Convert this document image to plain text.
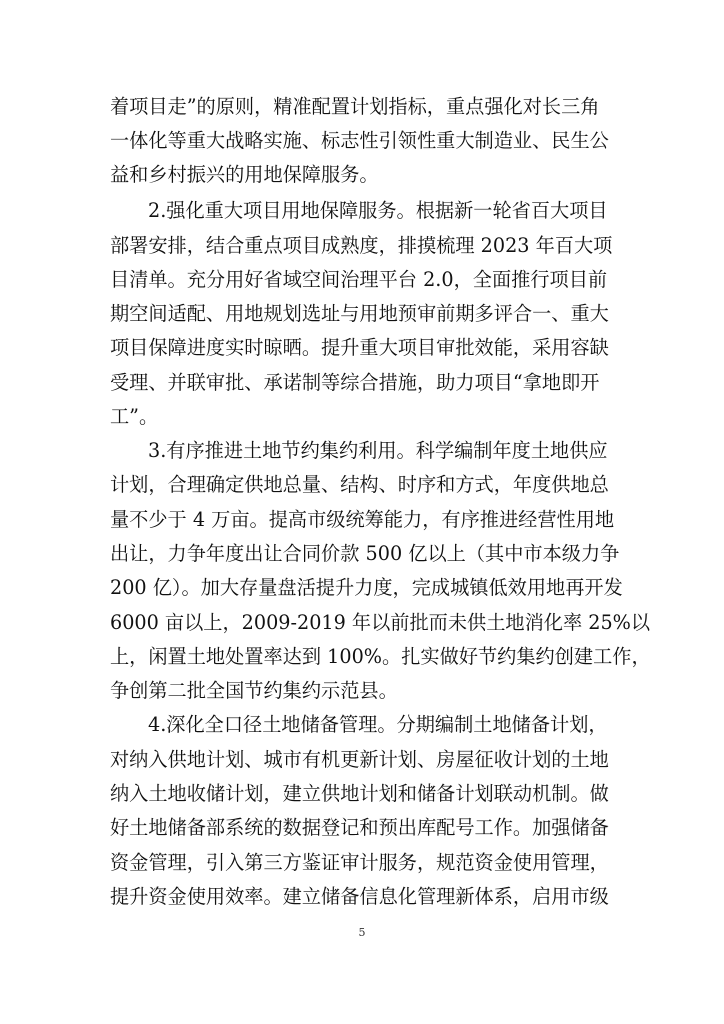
着项目走”的原则，精准配置计划指标，重点强化对长三角
一体化等重大战略实施、标志性引领性重大制造业、民生公
益和乡村振兴的用地保障服务。
2.强化重大项目用地保障服务。根据新一轮省百大项目
部署安排，结合重点项目成熟度，排摸梳理 2023 年百大项
目清单。充分用好省域空间治理平台 2.0，全面推行项目前
期空间适配、用地规划选址与用地预审前期多评合一、重大
项目保障进度实时晾晒。提升重大项目审批效能，采用容缺
受理、并联审批、承诺制等综合措施，助力项目“拿地即开
工”。
3.有序推进土地节约集约利用。科学编制年度土地供应
计划，合理确定供地总量、结构、时序和方式，年度供地总
量不少于 4 万亩。提高市级统筹能力，有序推进经营性用地
出让，力争年度出让合同价款 500 亿以上（其中市本级力争
200 亿）。加大存量盘活提升力度，完成城镇低效用地再开发
6000 亩以上，2009-2019 年以前批而未供土地消化率 25%以
上，闲置土地处置率达到 100%。扎实做好节约集约创建工作，
争创第二批全国节约集约示范县。
4.深化全口径土地储备管理。分期编制土地储备计划，
对纳入供地计划、城市有机更新计划、房屋征收计划的土地
纳入土地收储计划，建立供地计划和储备计划联动机制。做
好土地储备部系统的数据登记和预出库配号工作。加强储备
资金管理，引入第三方鉴证审计服务，规范资金使用管理，
提升资金使用效率。建立储备信息化管理新体系，启用市级
5
